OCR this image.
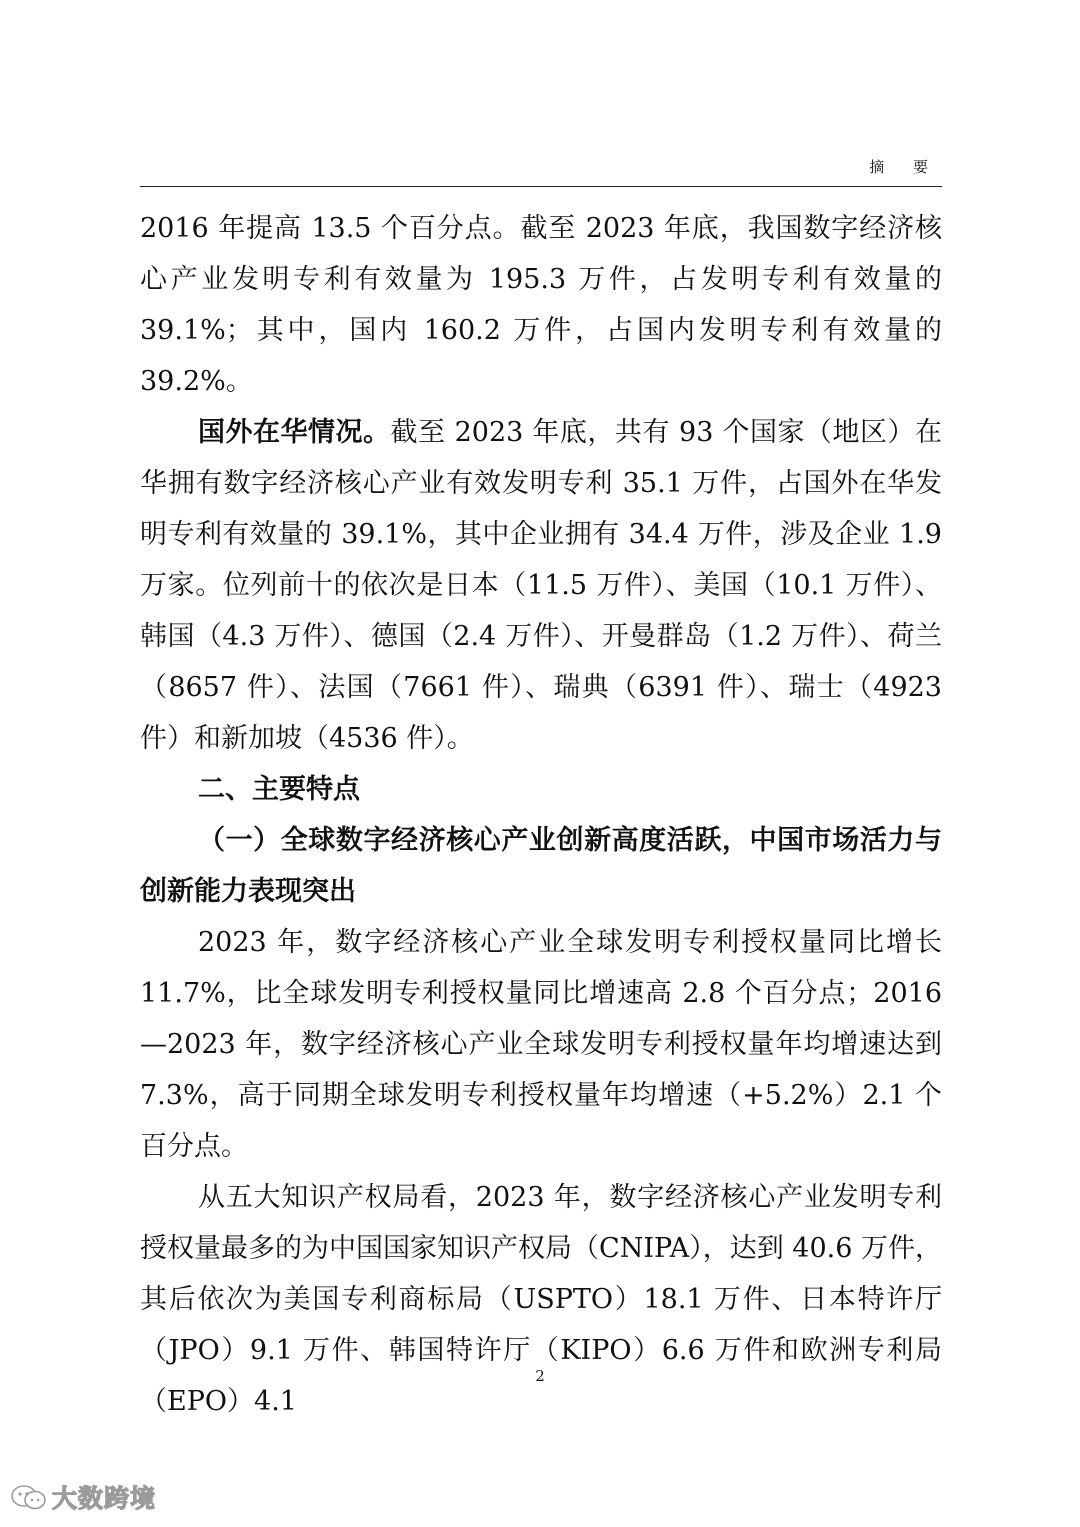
摘 要

2016 年提高 13.5 个百分点。截至 2023 年底，我国数字经济核心产业发明专利有效量为 195.3 万件，占发明专利有效量的 39.1%；其中，国内 160.2 万件，占国内发明专利有效量的 39.2%。

国外在华情况。截至 2023 年底，共有 93 个国家（地区）在华拥有数字经济核心产业有效发明专利 35.1 万件，占国外在华发明专利有效量的 39.1%，其中企业拥有 34.4 万件，涉及企业 1.9 万家。位列前十的依次是日本（11.5 万件）、美国（10.1 万件）、韩国（4.3 万件）、德国（2.4 万件）、开曼群岛（1.2 万件）、荷兰（8657 件）、法国（7661 件）、瑞典（6391 件）、瑞士（4923 件）和新加坡（4536 件）。

二、主要特点

（一）全球数字经济核心产业创新高度活跃，中国市场活力与创新能力表现突出

2023 年，数字经济核心产业全球发明专利授权量同比增长 11.7%，比全球发明专利授权量同比增速高 2.8 个百分点；2016—2023 年，数字经济核心产业全球发明专利授权量年均增速达到 7.3%，高于同期全球发明专利授权量年均增速（+5.2%）2.1 个百分点。

从五大知识产权局看，2023 年，数字经济核心产业发明专利授权量最多的为中国国家知识产权局（CNIPA），达到 40.6 万件，其后依次为美国专利商标局（USPTO）18.1 万件、日本特许厅（JPO）9.1 万件、韩国特许厅（KIPO）6.6 万件和欧洲专利局（EPO）4.1

2
大数跨境
